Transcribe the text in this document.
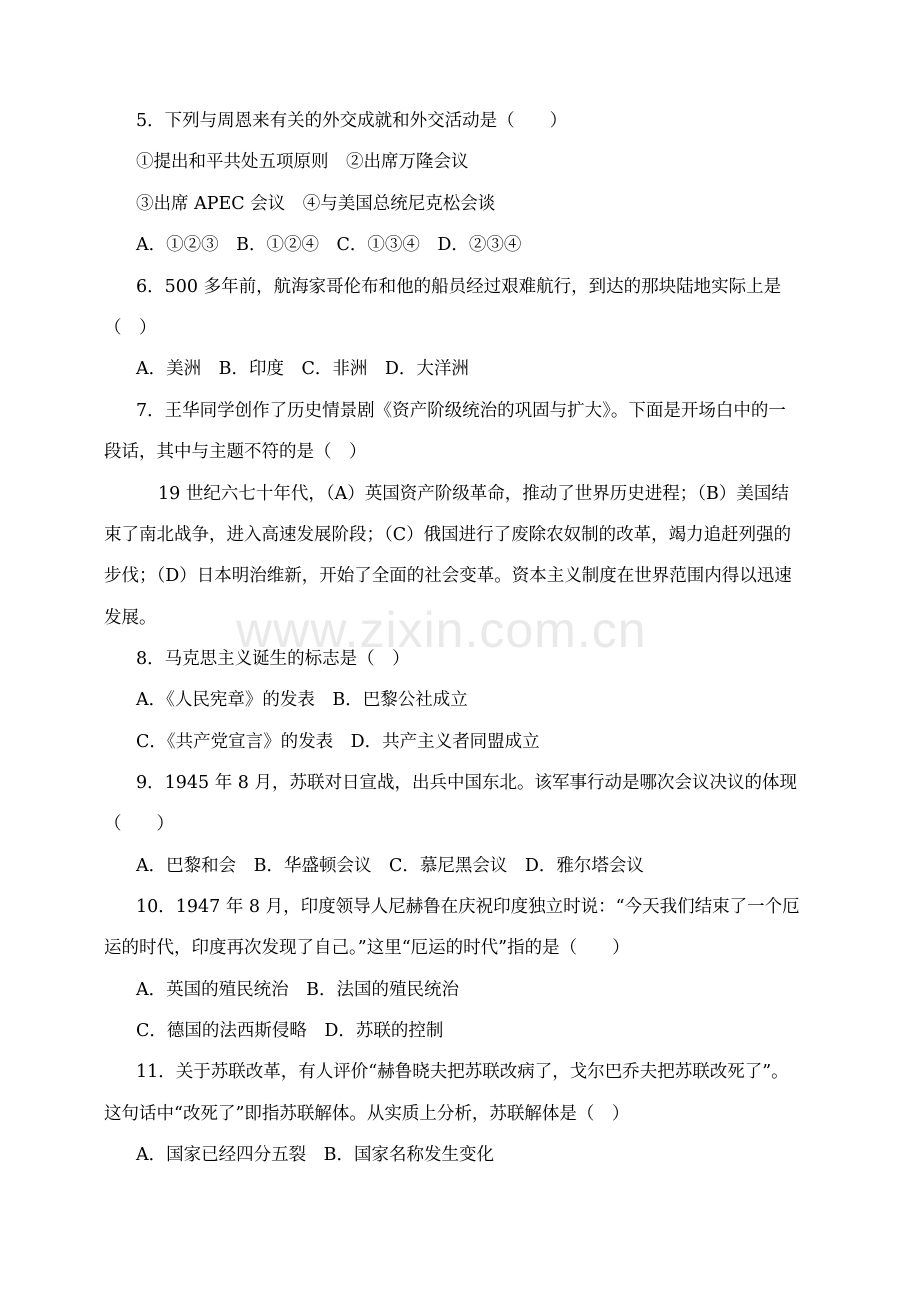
www.zixin.com.cn
5．下列与周恩来有关的外交成就和外交活动是（　　）
①提出和平共处五项原则　②出席万隆会议
③出席 APEC 会议　④与美国总统尼克松会谈
A．①②③　B．①②④　C．①③④　D．②③④
6．500 多年前，航海家哥伦布和他的船员经过艰难航行，到达的那块陆地实际上是
（　）
A．美洲　B．印度　C．非洲　D．大洋洲
7．王华同学创作了历史情景剧《资产阶级统治的巩固与扩大》。下面是开场白中的一
段话，其中与主题不符的是（　）
19 世纪六七十年代，（A）英国资产阶级革命，推动了世界历史进程；（B）美国结
束了南北战争，进入高速发展阶段；（C）俄国进行了废除农奴制的改革，竭力追赶列强的
步伐；（D）日本明治维新，开始了全面的社会变革。资本主义制度在世界范围内得以迅速
发展。
8．马克思主义诞生的标志是（　）
A．《人民宪章》的发表　B．巴黎公社成立
C．《共产党宣言》的发表　D．共产主义者同盟成立
9．1945 年 8 月，苏联对日宣战，出兵中国东北。该军事行动是哪次会议决议的体现
（　　）
A．巴黎和会　B．华盛顿会议　C．慕尼黑会议　D．雅尔塔会议
10．1947 年 8 月，印度领导人尼赫鲁在庆祝印度独立时说：“今天我们结束了一个厄
运的时代，印度再次发现了自己。”这里“厄运的时代”指的是（　　）
A．英国的殖民统治　B．法国的殖民统治
C．德国的法西斯侵略　D．苏联的控制
11．关于苏联改革，有人评价“赫鲁晓夫把苏联改病了，戈尔巴乔夫把苏联改死了”。
这句话中“改死了”即指苏联解体。从实质上分析，苏联解体是（　）
A．国家已经四分五裂　B．国家名称发生变化
